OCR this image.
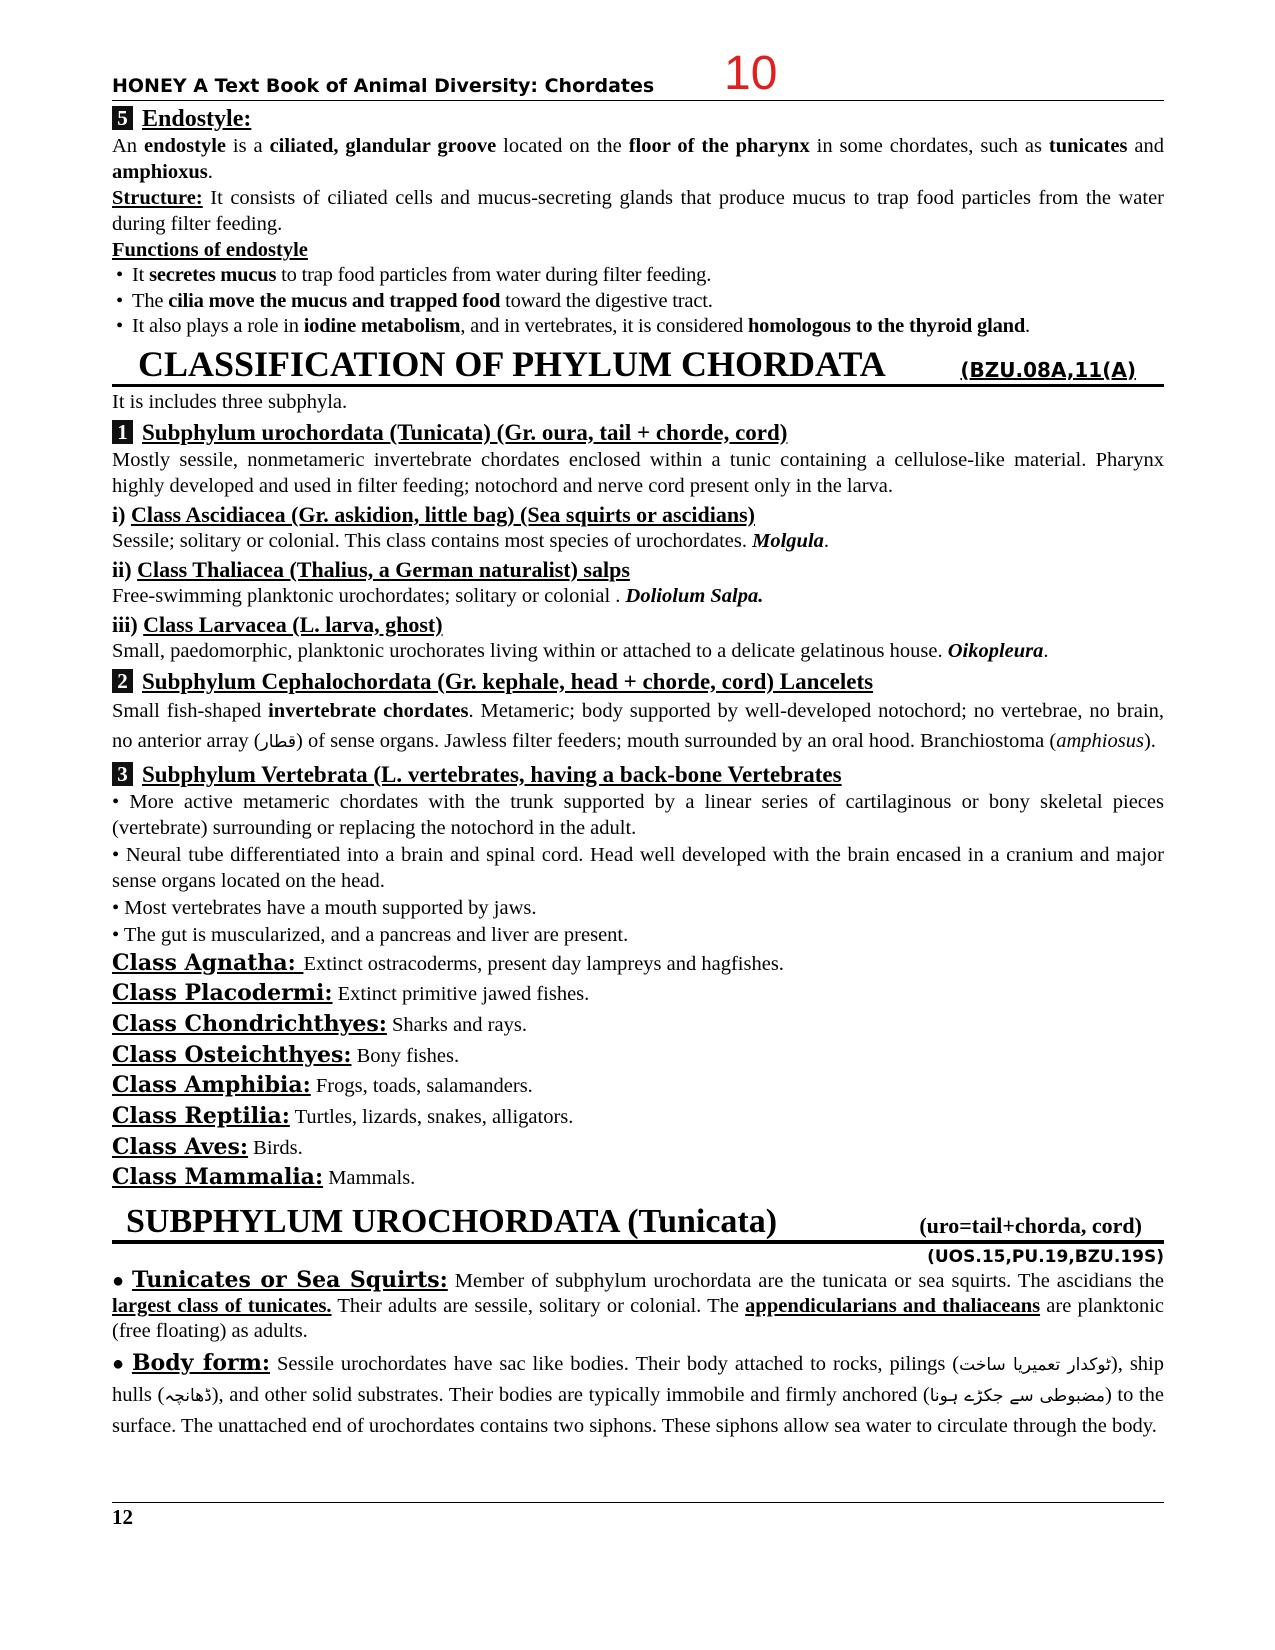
HONEY A Text Book of Animal Diversity: Chordates 10
5 Endostyle:

An endostyle is a ciliated, glandular groove located on the floor of the pharynx in some chordates, such as tunicates and amphioxus.

Structure: It consists of ciliated cells and mucus-secreting glands that produce mucus to trap food particles from the water during filter feeding.

Functions of endostyle
• It secretes mucus to trap food particles from water during filter feeding.
• The cilia move the mucus and trapped food toward the digestive tract.
• It also plays a role in iodine metabolism, and in vertebrates, it is considered homologous to the thyroid gland.
CLASSIFICATION OF PHYLUM CHORDATA	(BZU.08A,11(A)

It is includes three subphyla.

1 Subphylum urochordata (Tunicata) (Gr. oura, tail + chorde, cord)

Mostly sessile, nonmetameric invertebrate chordates enclosed within a tunic containing a cellulose-like material. Pharynx highly developed and used in filter feeding; notochord and nerve cord present only in the larva.

i) Class Ascidiacea (Gr. askidion, little bag) (Sea squirts or ascidians)

Sessile; solitary or colonial. This class contains most species of urochordates. Molgula.

ii) Class Thaliacea (Thalius, a German naturalist) salps

Free-swimming planktonic urochordates; solitary or colonial . Doliolum Salpa.

iii) Class Larvacea (L. larva, ghost)

Small, paedomorphic, planktonic urochorates living within or attached to a delicate gelatinous house. Oikopleura.

2 Subphylum Cephalochordata (Gr. kephale, head + chorde, cord) Lancelets

Small fish-shaped invertebrate chordates. Metameric; body supported by well-developed notochord; no vertebrae, no brain, no anterior array (قطار) of sense organs. Jawless filter feeders; mouth surrounded by an oral hood. Branchiostoma (amphiosus).

3 Subphylum Vertebrata (L. vertebrates, having a back-bone Vertebrates

• More active metameric chordates with the trunk supported by a linear series of cartilaginous or bony skeletal pieces (vertebrate) surrounding or replacing the notochord in the adult.

• Neural tube differentiated into a brain and spinal cord. Head well developed with the brain encased in a cranium and major sense organs located on the head.

• Most vertebrates have a mouth supported by jaws.

• The gut is muscularized, and a pancreas and liver are present.

Class Agnatha: Extinct ostracoderms, present day lampreys and hagfishes.
Class Placodermi: Extinct primitive jawed fishes.
Class Chondrichthyes: Sharks and rays.
Class Osteichthyes: Bony fishes.
Class Amphibia: Frogs, toads, salamanders.
Class Reptilia: Turtles, lizards, snakes, alligators.
Class Aves: Birds.
Class Mammalia: Mammals.
SUBPHYLUM UROCHORDATA (Tunicata)	(uro=tail+chorda, cord)
(UOS.15,PU.19,BZU.19S)

● Tunicates or Sea Squirts: Member of subphylum urochordata are the tunicata or sea squirts. The ascidians the largest class of tunicates. Their adults are sessile, solitary or colonial. The appendicularians and thaliaceans are planktonic (free floating) as adults.

● Body form: Sessile urochordates have sac like bodies. Their body attached to rocks, pilings (ٹوکدار تعمیریا ساخت), ship hulls (ڈھانچہ), and other solid substrates. Their bodies are typically immobile and firmly anchored (مضبوطی سے جکڑے ہونا) to the surface. The unattached end of urochordates contains two siphons. These siphons allow sea water to circulate through the body.

12
